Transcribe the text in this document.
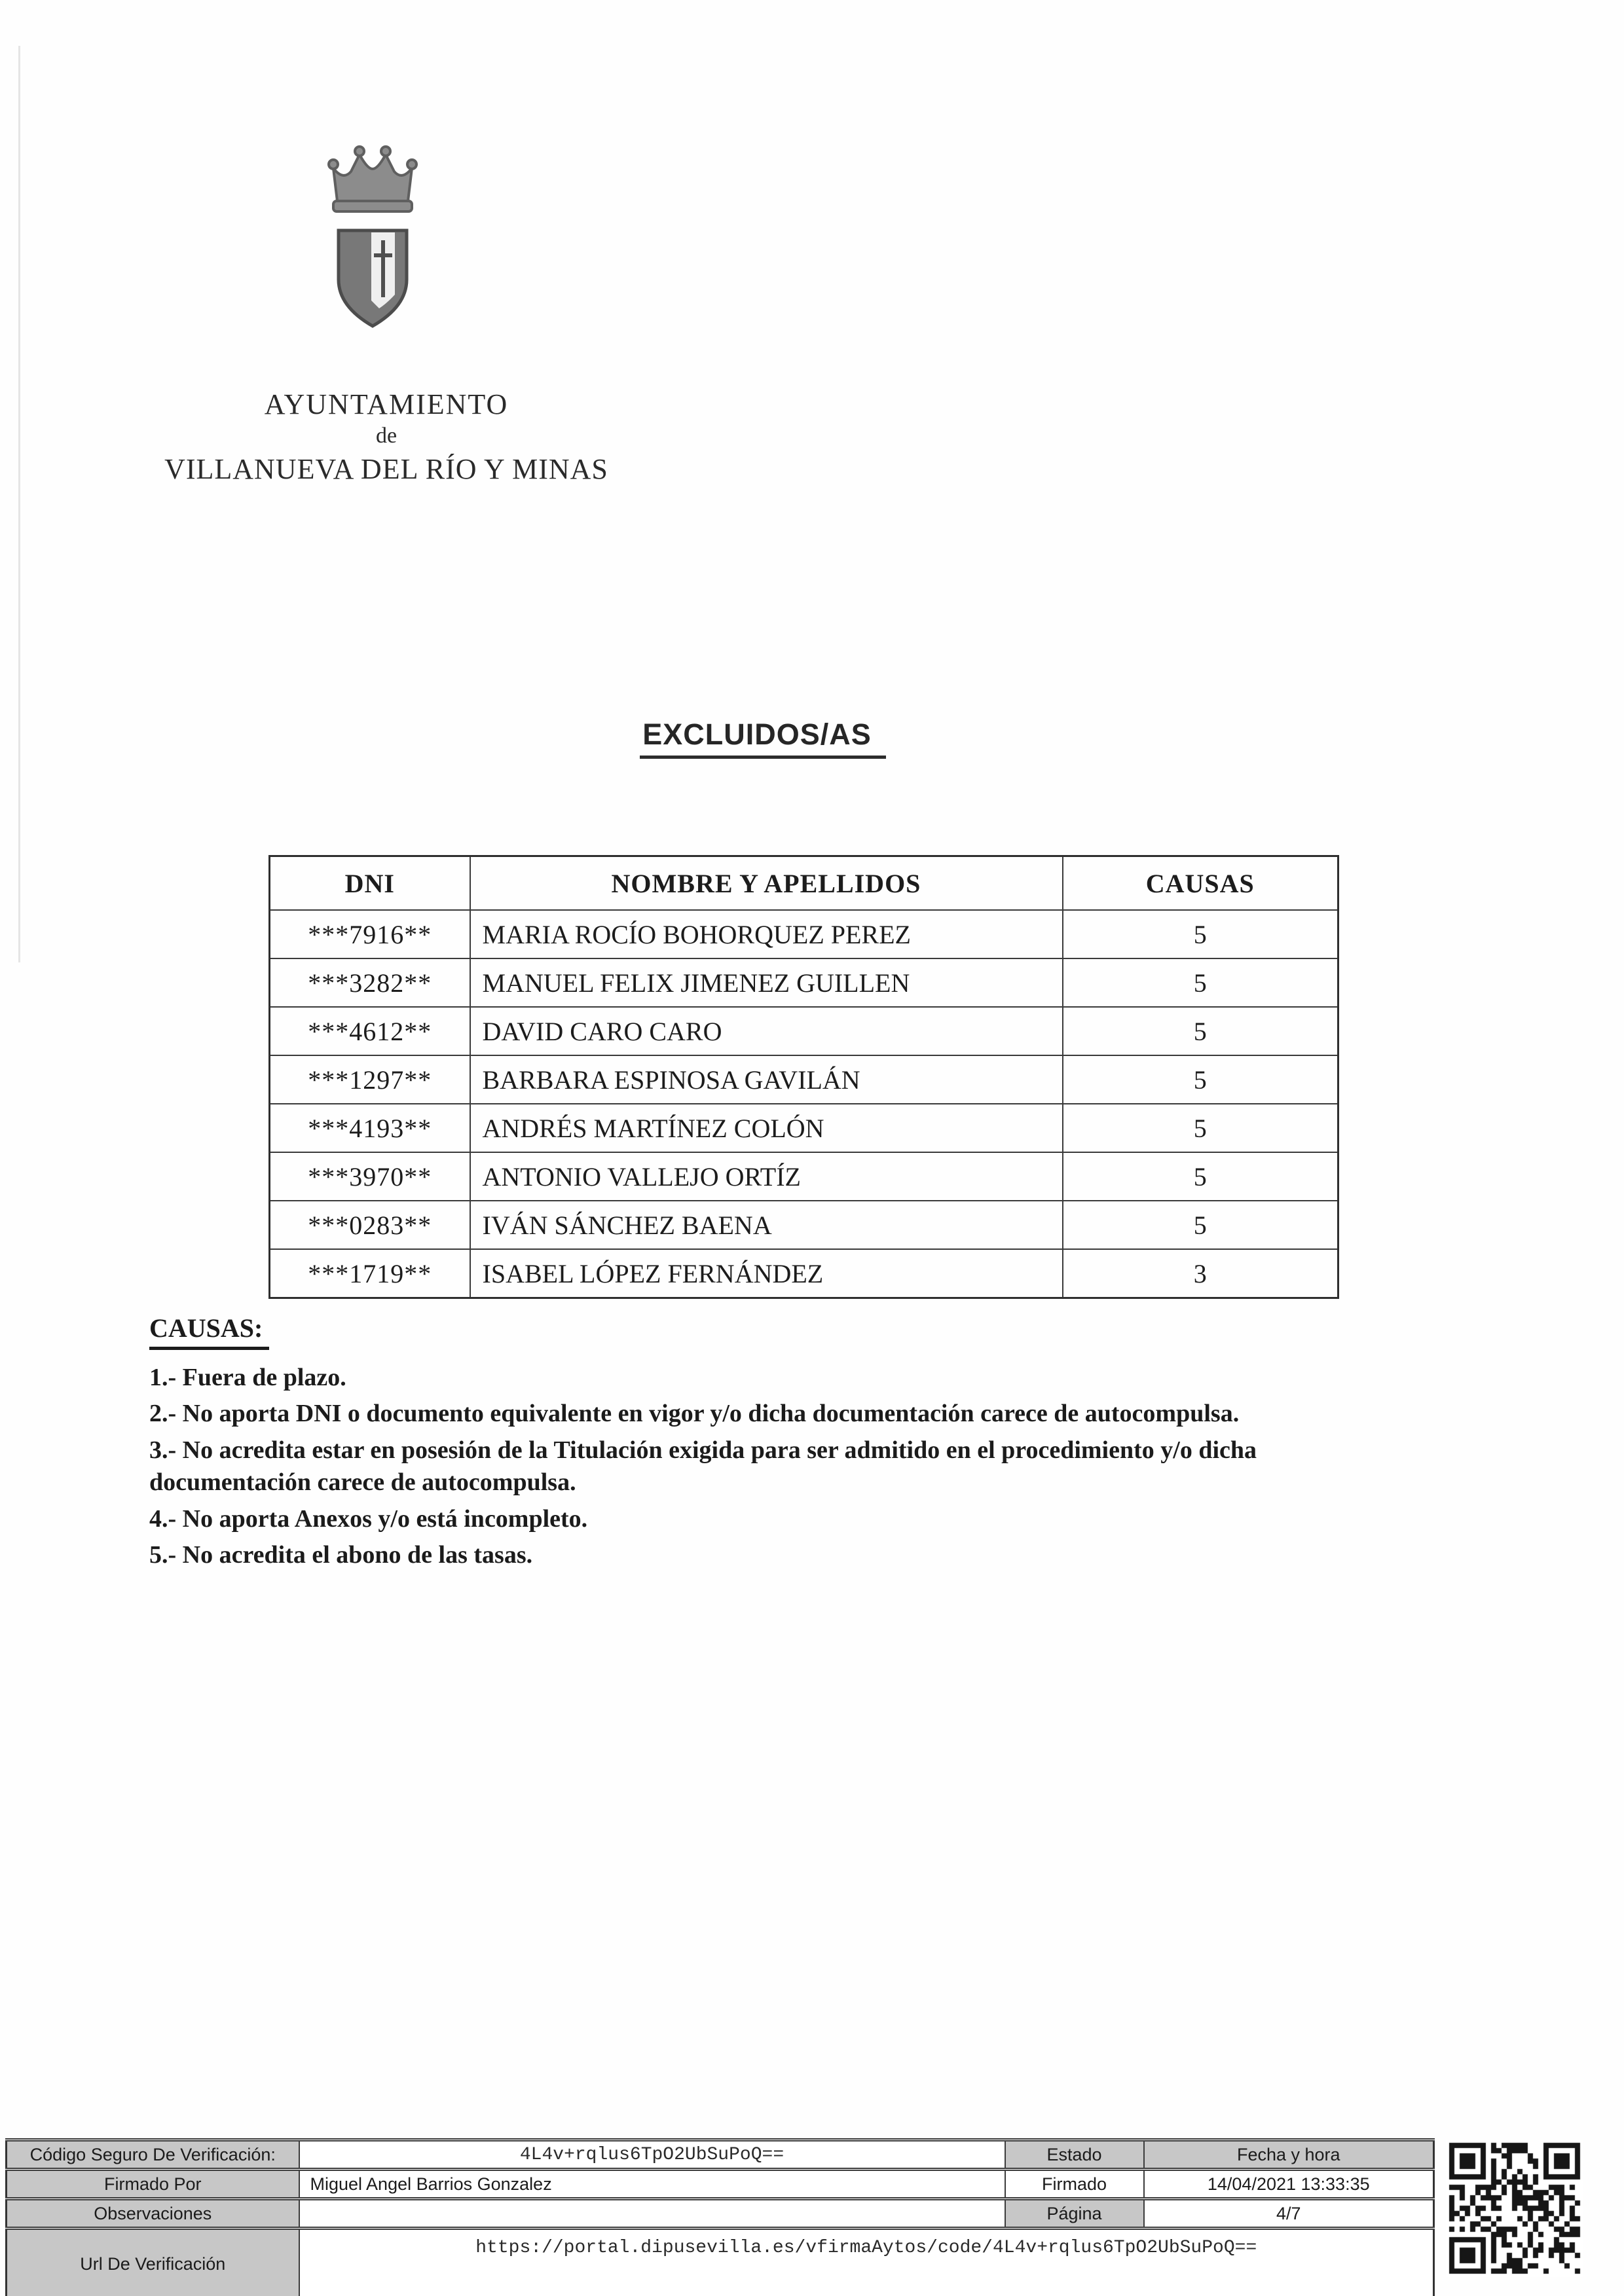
AYUNTAMIENTO
de
VILLANUEVA DEL RÍO Y MINAS
EXCLUIDOS/AS
DNI	NOMBRE Y APELLIDOS	CAUSAS
***7916**	MARIA ROCÍO BOHORQUEZ PEREZ	5
***3282**	MANUEL FELIX JIMENEZ GUILLEN	5
***4612**	DAVID CARO CARO	5
***1297**	BARBARA ESPINOSA GAVILÁN	5
***4193**	ANDRÉS MARTÍNEZ COLÓN	5
***3970**	ANTONIO VALLEJO ORTÍZ	5
***0283**	IVÁN SÁNCHEZ BAENA	5
***1719**	ISABEL LÓPEZ FERNÁNDEZ	3
CAUSAS:
1.- Fuera de plazo.
2.- No aporta DNI o documento equivalente en vigor y/o dicha documentación carece de autocompulsa.
3.- No acredita estar en posesión de la Titulación exigida para ser admitido en el procedimiento y/o dicha documentación carece de autocompulsa.
4.- No aporta Anexos y/o está incompleto.
5.- No acredita el abono de las tasas.
Código Seguro De Verificación:	4L4v+rqlus6TpO2UbSuPoQ==	Estado	Fecha y hora
Firmado Por	Miguel Angel Barrios Gonzalez	Firmado	14/04/2021 13:33:35
Observaciones		Página	4/7
Url De Verificación	https://portal.dipusevilla.es/vfirmaAytos/code/4L4v+rqlus6TpO2UbSuPoQ==		
